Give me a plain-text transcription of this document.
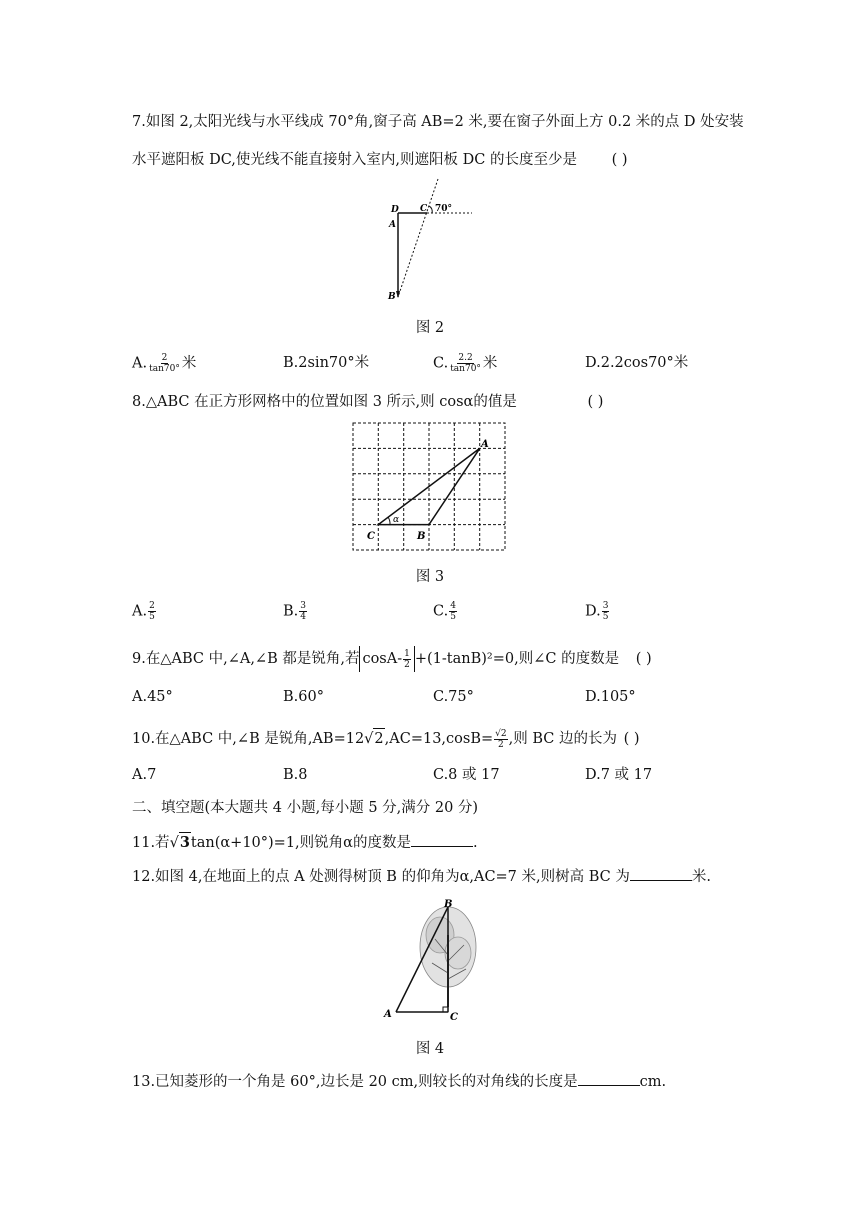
7.如图 2,太阳光线与水平线成 70°角,窗子高 AB=2 米,要在窗子外面上方 0.2 米的点 D 处安装
水平遮阳板 DC,使光线不能直接射入室内,则遮阳板 DC 的长度至少是 ( )
D C
A
B
70°
图 2
A. $\frac{2}{\tan 70^\circ}$ 米	B.2sin70°米	C. $\frac{2.2}{\tan 70^\circ}$ 米	D.2.2cos70°米
8.△ABC 在正方形网格中的位置如图 3 所示,则 cosα的值是	( )
A
B
C
α
图 3
A. $\frac{2}{5}$	B. $\frac{3}{4}$	C. $\frac{4}{5}$	D. $\frac{3}{5}$
9.在△ABC 中,∠A,∠B 都是锐角,若 $\cos A- \frac{1}{2} +(1-\tan B)^2=0$,则∠C 的度数是 ( )
A.45°	B.60°	C.75°	D.105°
10.在△ABC 中,∠B 是锐角$,AB=12√2,AC=13,\cos B= \frac{√2}{2}$ ,则 BC 边的长为 ( )
A.7	B.8	C.8 或 17	D.7 或 17
二、填空题(本大题共 4 小题,每小题 5 分,满分 20 分)
11.若√3tan(α+10°)=1,则锐角α的度数是	.
12.如图 4,在地面上的点 A 处测得树顶 B 的仰角为α,AC=7 米,则树高 BC 为	米.
B
A	C
图 4
13.已知菱形的一个角是 60°,边长是 20 cm,则较长的对角线的长度是	cm.
